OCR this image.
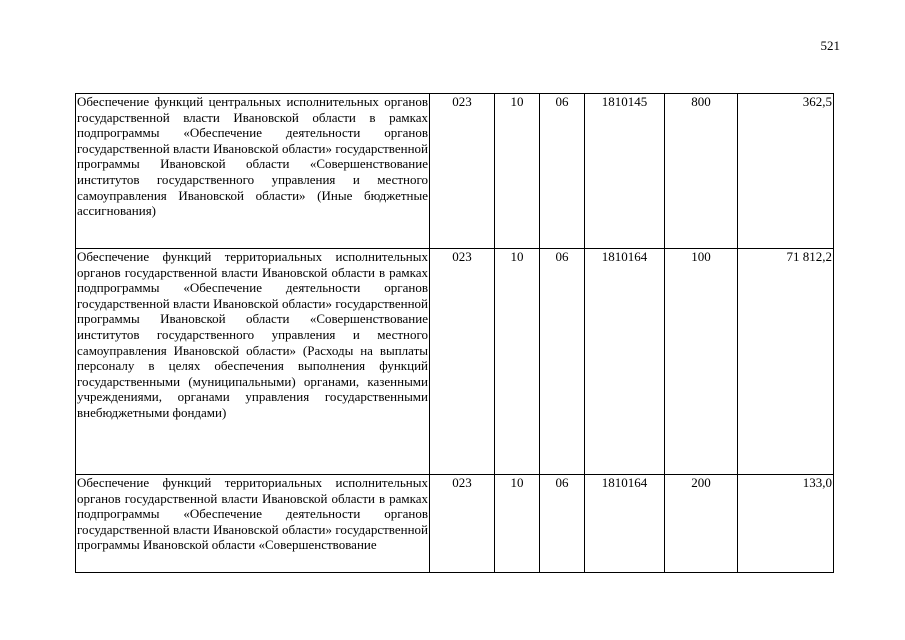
521
Обеспечение функций центральных исполнительных органов государственной власти Ивановской области в рамках подпрограммы «Обеспечение деятельности органов государственной власти Ивановской области» государственной программы Ивановской области «Совершенствование институтов государственного управления и местного самоуправления Ивановской области» (Иные бюджетные ассигнования)	023	10	06	1810145	800	362,5
Обеспечение функций территориальных исполнительных органов государственной власти Ивановской области в рамках подпрограммы «Обеспечение деятельности органов государственной власти Ивановской области» государственной программы Ивановской области «Совершенствование институтов государственного управления и местного самоуправления Ивановской области» (Расходы на выплаты персоналу в целях обеспечения выполнения функций государственными (муниципальными) органами, казенными учреждениями, органами управления государственными внебюджетными фондами)	023	10	06	1810164	100	71 812,2
Обеспечение функций территориальных исполнительных органов государственной власти Ивановской области в рамках подпрограммы «Обеспечение деятельности органов государственной власти Ивановской области» государственной программы Ивановской области «Совершенствование	023	10	06	1810164	200	133,0
